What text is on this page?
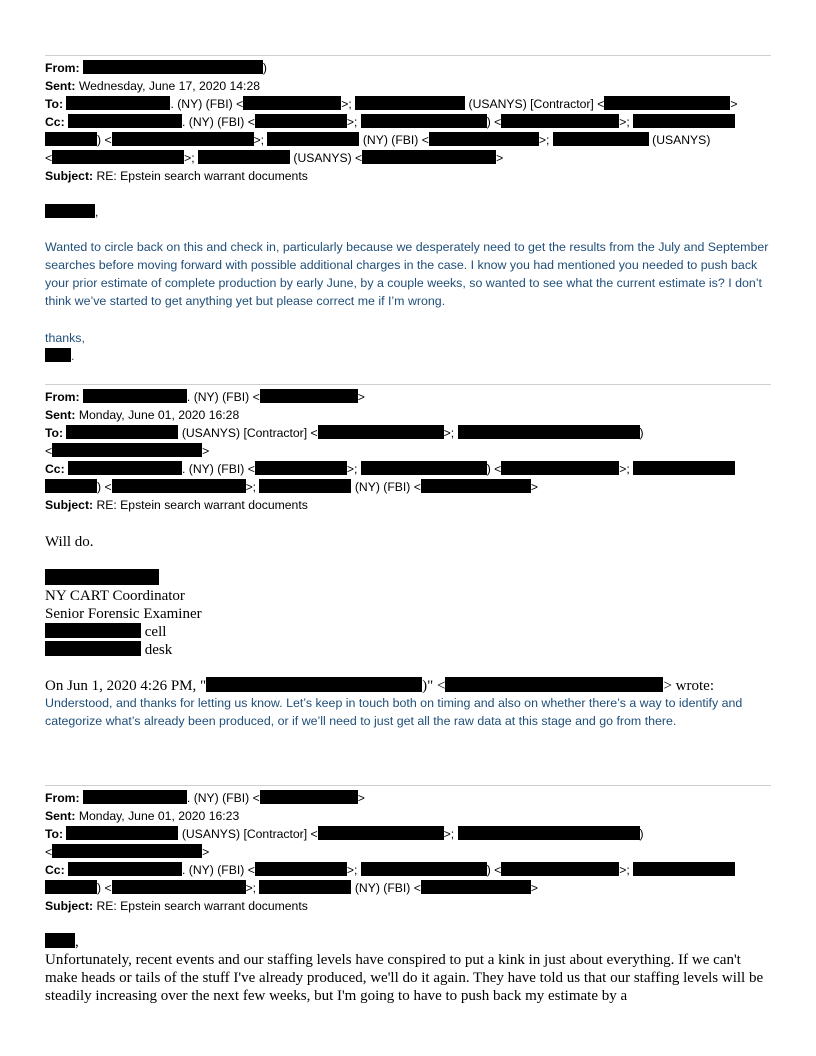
From:	)
Sent: Wednesday, June 17, 2020 14:28
To:	. (NY) (FBI) <	>;	(USANYS) [Contractor] <	>
Cc:	. (NY) (FBI) <	>;	) <	>;
) <	>;	(NY) (FBI) <	>;	(USANYS)
<	>;	(USANYS) <	>
Subject: RE: Epstein search warrant documents
,
Wanted to circle back on this and check in, particularly because we desperately need to get the results from the July and September searches before moving forward with possible additional charges in the case. I know you had mentioned you needed to push back your prior estimate of complete production by early June, by a couple weeks, so wanted to see what the current estimate is? I don’t think we’ve started to get anything yet but please correct me if I’m wrong.
thanks,
.
From:	. (NY) (FBI) <	>
Sent: Monday, June 01, 2020 16:28
To:	(USANYS) [Contractor] <	>;	)
<	>
Cc:	. (NY) (FBI) <	>;	) <	>;
) <	>;	(NY) (FBI) <	>
Subject: RE: Epstein search warrant documents
Will do.
NY CART Coordinator
Senior Forensic Examiner
cell
desk
On Jun 1, 2020 4:26 PM, "	)" <	> wrote:
Understood, and thanks for letting us know. Let’s keep in touch both on timing and also on whether there’s a way to identify and categorize what’s already been produced, or if we’ll need to just get all the raw data at this stage and go from there.
From:	. (NY) (FBI) <	>
Sent: Monday, June 01, 2020 16:23
To:	(USANYS) [Contractor] <	>;	)
<	>
Cc:	. (NY) (FBI) <	>;	) <	>;
) <	>;	(NY) (FBI) <	>
Subject: RE: Epstein search warrant documents
,
Unfortunately, recent events and our staffing levels have conspired to put a kink in just about everything. If we can't make heads or tails of the stuff I've already produced, we'll do it again. They have told us that our staffing levels will be steadily increasing over the next few weeks, but I'm going to have to push back my estimate by a
